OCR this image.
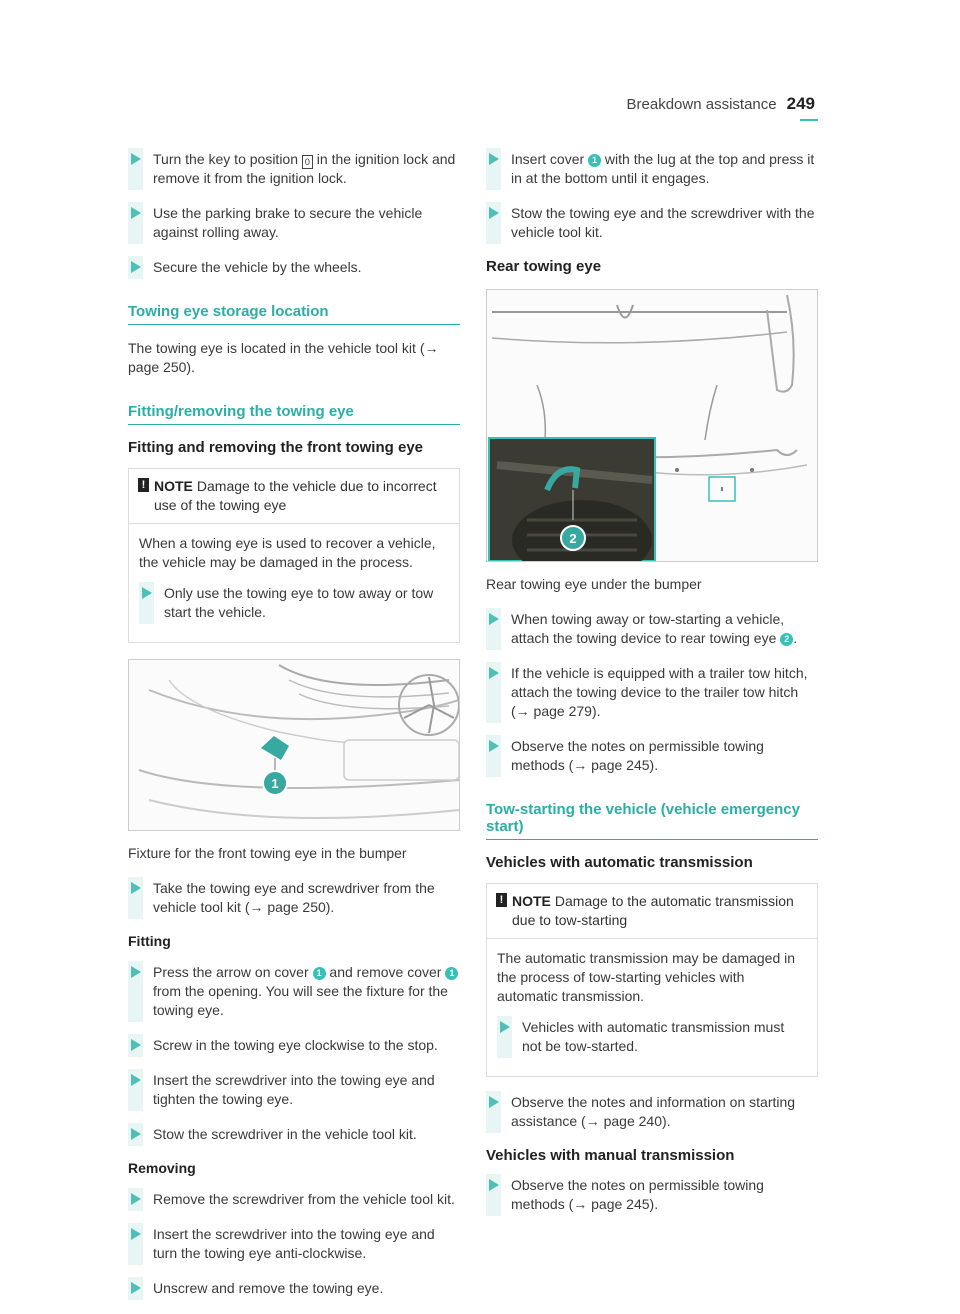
Breakdown assistance 249
Turn the key to position 0 in the ignition lock and remove it from the ignition lock.
Use the parking brake to secure the vehicle against rolling away.
Secure the vehicle by the wheels.
Towing eye storage location
The towing eye is located in the vehicle tool kit (→ page 250).
Fitting/removing the towing eye
Fitting and removing the front towing eye
! NOTE Damage to the vehicle due to incorrect use of the towing eye
When a towing eye is used to recover a vehicle, the vehicle may be damaged in the process.
Only use the towing eye to tow away or tow start the vehicle.
1
Fixture for the front towing eye in the bumper
Take the towing eye and screwdriver from the vehicle tool kit (→ page 250).
Fitting
Press the arrow on cover 1 and remove cover 1 from the opening. You will see the fixture for the towing eye.
Screw in the towing eye clockwise to the stop.
Insert the screwdriver into the towing eye and tighten the towing eye.
Stow the screwdriver in the vehicle tool kit.
Removing
Remove the screwdriver from the vehicle tool kit.
Insert the screwdriver into the towing eye and turn the towing eye anti-clockwise.
Unscrew and remove the towing eye.
Insert cover 1 with the lug at the top and press it in at the bottom until it engages.
Stow the towing eye and the screwdriver with the vehicle tool kit.
Rear towing eye
2
Rear towing eye under the bumper
When towing away or tow-starting a vehicle, attach the towing device to rear towing eye 2 .
If the vehicle is equipped with a trailer tow hitch, attach the towing device to the trailer tow hitch (→ page 279).
Observe the notes on permissible towing methods (→ page 245).
Tow-starting the vehicle (vehicle emergency start)
Vehicles with automatic transmission
! NOTE Damage to the automatic transmission due to tow-starting
The automatic transmission may be damaged in the process of tow-starting vehicles with automatic transmission.
Vehicles with automatic transmission must not be tow-started.
Observe the notes and information on starting assistance (→ page 240).
Vehicles with manual transmission
Observe the notes on permissible towing methods (→ page 245).
